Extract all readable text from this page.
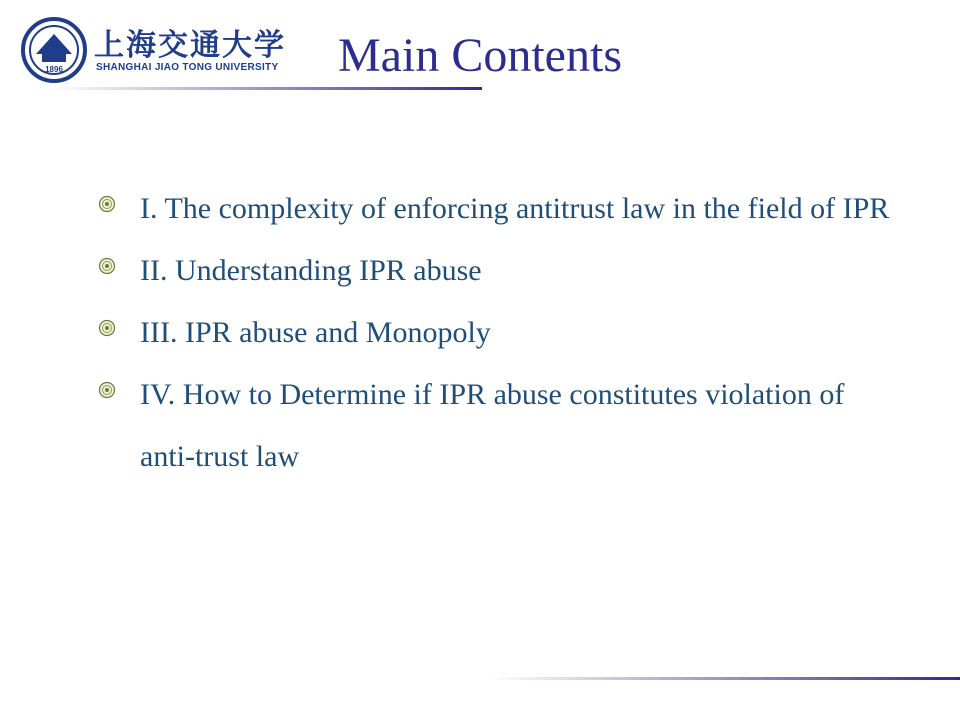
1896
上海交通大学
SHANGHAI JIAO TONG UNIVERSITY	Main Contents
I. The complexity of enforcing antitrust law in the field of IPR
II. Understanding IPR abuse
III. IPR abuse and Monopoly
IV. How to Determine if IPR abuse constitutes violation of anti-trust law
